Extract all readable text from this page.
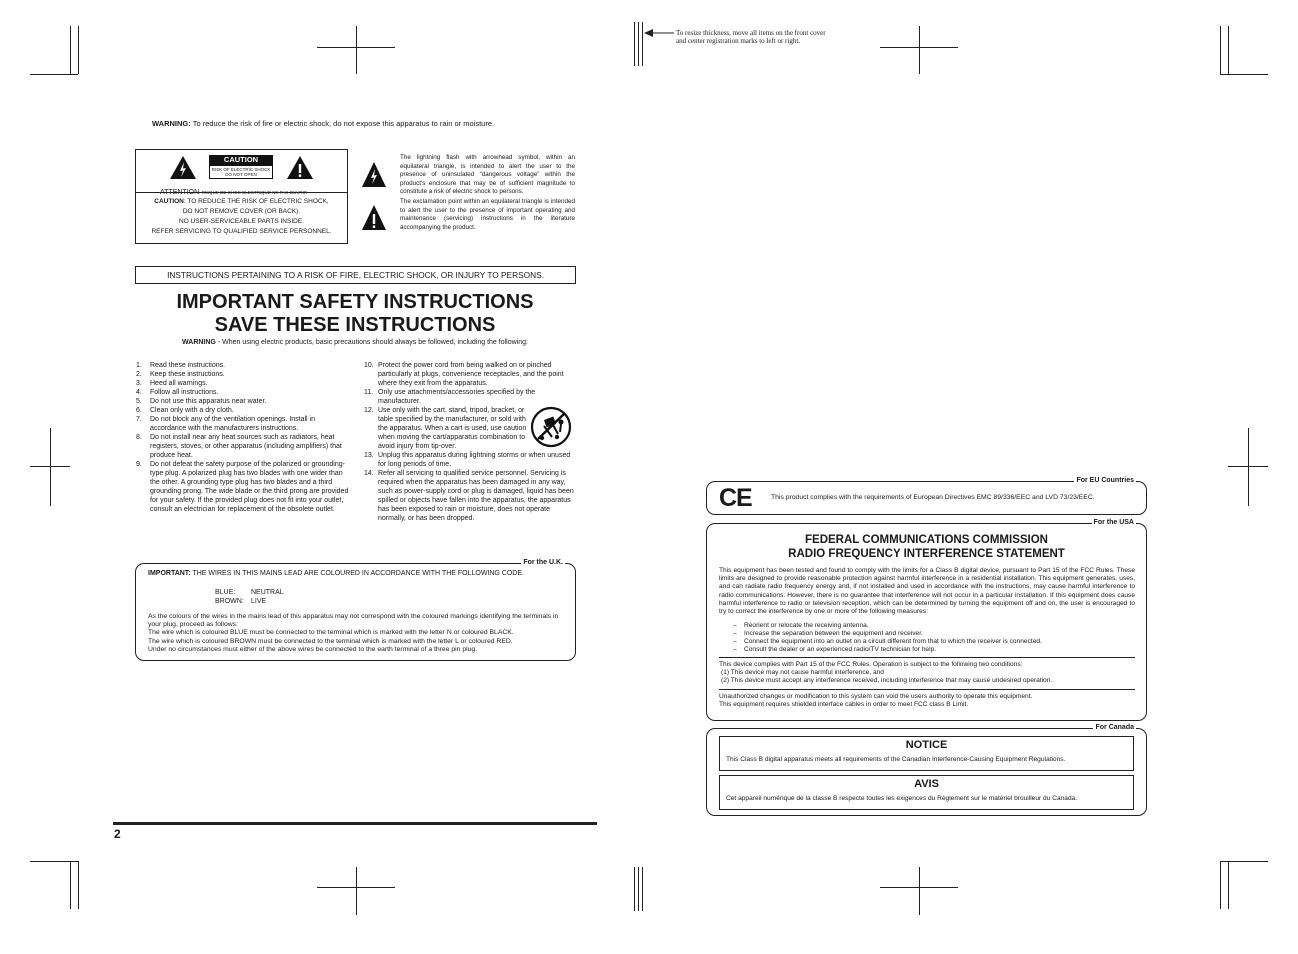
To resize thickness, move all items on the front cover
and center registration marks to left or right.
WARNING: To reduce the risk of fire or electric shock, do not expose this apparatus to rain or moisture.
CAUTION
RISK OF ELECTRIC SHOCK
DO NOT OPEN
CAUTION: TO REDUCE THE RISK OF ELECTRIC SHOCK,
DO NOT REMOVE COVER (OR BACK).
NO USER-SERVICEABLE PARTS INSIDE.
REFER SERVICING TO QUALIFIED SERVICE PERSONNEL.
The lightning flash with arrowhead symbol, within an equilateral triangle, is intended to alert the user to the presence of uninsulated “dangerous voltage” within the product's enclosure that may be of sufficient magnitude to constitute a risk of electric shock to persons.
The exclamation point within an equilateral triangle is intended to alert the user to the presence of important operating and maintenance (servicing) instructions in the literature accompanying the product.
INSTRUCTIONS PERTAINING TO A RISK OF FIRE, ELECTRIC SHOCK, OR INJURY TO PERSONS.
IMPORTANT SAFETY INSTRUCTIONS
SAVE THESE INSTRUCTIONS
WARNING - When using electric products, basic precautions should always be followed, including the following:
1. Read these instructions.
2. Keep these instructions.
3. Heed all warnings.
4. Follow all instructions.
5. Do not use this apparatus near water.
6. Clean only with a dry cloth.
7. Do not block any of the ventilation openings. Install in accordance with the manufacturers instructions.
8. Do not install near any heat sources such as radiators, heat registers, stoves, or other apparatus (including amplifiers) that produce heat.
9. Do not defeat the safety purpose of the polarized or grounding-type plug. A polarized plug has two blades with one wider than the other. A grounding type plug has two blades and a third grounding prong. The wide blade or the third prong are provided for your safety. If the provided plug does not fit into your outlet, consult an electrician for replacement of the obsolete outlet.
10. Protect the power cord from being walked on or pinched particularly at plugs, convenience receptacles, and the point where they exit from the apparatus.
11. Only use attachments/accessories specified by the manufacturer.
12. Use only with the cart, stand, tripod, bracket, or table specified by the manufacturer, or sold with the apparatus. When a cart is used, use caution when moving the cart/apparatus combination to avoid injury from tip-over.
13. Unplug this apparatus during lightning storms or when unused for long periods of time.
14. Refer all servicing to qualified service personnel. Servicing is required when the apparatus has been damaged in any way, such as power-supply cord or plug is damaged, liquid has been spilled or objects have fallen into the apparatus, the apparatus has been exposed to rain or moisture, does not operate normally, or has been dropped.
For the U.K.
IMPORTANT: THE WIRES IN THIS MAINS LEAD ARE COLOURED IN ACCORDANCE WITH THE FOLLOWING CODE.
BLUE: NEUTRAL
BROWN: LIVE
As the colours of the wires in the mains lead of this apparatus may not correspond with the coloured markings identifying the terminals in your plug, proceed as follows:
The wire which is coloured BLUE must be connected to the terminal which is marked with the letter N or coloured BLACK.
The wire which is coloured BROWN must be connected to the terminal which is marked with the letter L or coloured RED.
Under no circumstances must either of the above wires be connected to the earth terminal of a three pin plug.
2
For EU Countries
CE	This product complies with the requirements of European Directives EMC 89/336/EEC and LVD 73/23/EEC.
For the USA
FEDERAL COMMUNICATIONS COMMISSION
RADIO FREQUENCY INTERFERENCE STATEMENT
This equipment has been tested and found to comply with the limits for a Class B digital device, pursuant to Part 15 of the FCC Rules. These limits are designed to provide reasonable protection against harmful interference in a residential installation. This equipment generates, uses, and can radiate radio frequency energy and, if not installed and used in accordance with the instructions, may cause harmful interference to radio communications. However, there is no guarantee that interference will not occur in a particular installation. If this equipment does cause harmful interference to radio or television reception, which can be determined by turning the equipment off and on, the user is encouraged to try to correct the interference by one or more of the following measures:
– Reorient or relocate the receiving antenna.
– Increase the separation between the equipment and receiver.
– Connect the equipment into an outlet on a circuit different from that to which the receiver is connected.
– Consult the dealer or an experienced radio/TV technician for help.
This device complies with Part 15 of the FCC Rules. Operation is subject to the following two conditions:
(1) This device may not cause harmful interference, and
(2) This device must accept any interference received, including interference that may cause undesired operation.
Unauthorized changes or modification to this system can void the users authority to operate this equipment.
This equipment requires shielded interface cables in order to meet FCC class B Limit.
For Canada
NOTICE
This Class B digital apparatus meets all requirements of the Canadian Interference-Causing Equipment Regulations.
AVIS
Cet appareil numérique de la classe B respecte toutes les exigences du Règlement sur le matériel brouilleur du Canada.
